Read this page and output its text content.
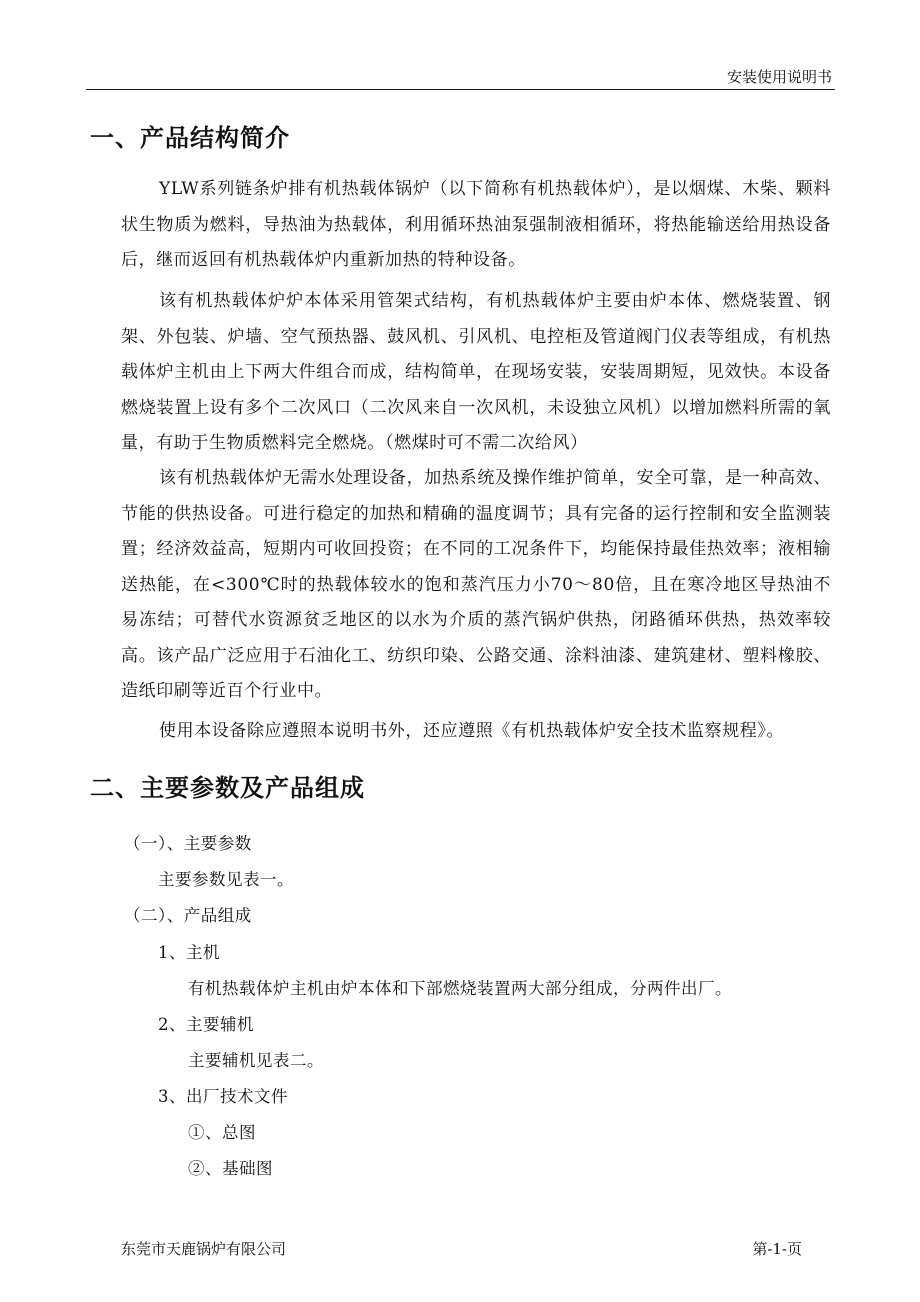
安装使用说明书
一、产品结构简介

YLW系列链条炉排有机热载体锅炉（以下简称有机热载体炉），是以烟煤、木柴、颗料状生物质为燃料，导热油为热载体，利用循环热油泵强制液相循环，将热能输送给用热设备后，继而返回有机热载体炉内重新加热的特种设备。

该有机热载体炉炉本体采用管架式结构，有机热载体炉主要由炉本体、燃烧装置、钢架、外包装、炉墙、空气预热器、鼓风机、引风机、电控柜及管道阀门仪表等组成，有机热载体炉主机由上下两大件组合而成，结构简单，在现场安装，安装周期短，见效快。本设备燃烧装置上设有多个二次风口（二次风来自一次风机，未设独立风机）以增加燃料所需的氧量，有助于生物质燃料完全燃烧。（燃煤时可不需二次给风）

该有机热载体炉无需水处理设备，加热系统及操作维护简单，安全可靠，是一种高效、节能的供热设备。可进行稳定的加热和精确的温度调节；具有完备的运行控制和安全监测装置；经济效益高，短期内可收回投资；在不同的工况条件下，均能保持最佳热效率；液相输送热能，在<300℃时的热载体较水的饱和蒸汽压力小70～80倍，且在寒冷地区导热油不易冻结；可替代水资源贫乏地区的以水为介质的蒸汽锅炉供热，闭路循环供热，热效率较高。该产品广泛应用于石油化工、纺织印染、公路交通、涂料油漆、建筑建材、塑料橡胶、造纸印刷等近百个行业中。

使用本设备除应遵照本说明书外，还应遵照《有机热载体炉安全技术监察规程》。

二、主要参数及产品组成

（一）、主要参数

主要参数见表一。

（二）、产品组成

1、主机

有机热载体炉主机由炉本体和下部燃烧装置两大部分组成，分两件出厂。

2、主要辅机

主要辅机见表二。

3、出厂技术文件

①、总图

②、基础图

东莞市天鹿锅炉有限公司	第-1-页
